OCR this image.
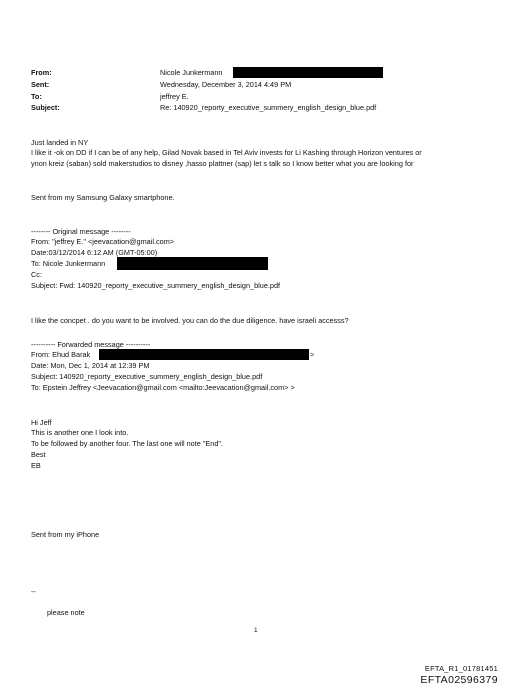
From:
Sent:
To:
Subject:
Nicole Junkermann
Wednesday, December 3, 2014 4:49 PM
jeffrey E.
Re: 140920_reporty_executive_summery_english_design_blue.pdf
Just landed in NY
I like it -ok on DD if I can be of any help, Gilad Novak based in Tel Aviv invests for Li Kashing through Horizon ventures or
ynon kreiz (saban) sold makerstudios to disney ,hasso plattner (sap) let s talk so I know better what you are looking for
Sent from my Samsung Galaxy smartphone.
-------- Original message --------
From: "jeffrey E." <jeevacation@gmail.com>
Date:03/12/2014 6:12 AM (GMT-05:00)
To: Nicole Junkermann
Cc:
Subject: Fwd: 140920_reporty_executive_summery_english_design_blue.pdf
I like the concpet . do you want to be involved. you can do the due diligence. have israeli accesss?
---------- Forwarded message ----------
From: Ehud Barak	>
Date: Mon, Dec 1, 2014 at 12:39 PM
Subject: 140920_reporty_executive_summery_english_design_blue.pdf
To: Epstein Jeffrey <Jeevacation@gmail.com <mailto:Jeevacation@gmail.com> >
Hi Jeff
This is another one I look into.
To be followed by another four. The last one will note "End".
Best
EB
Sent from my iPhone
--
please note
1
EFTA_R1_01781451
EFTA02596379
